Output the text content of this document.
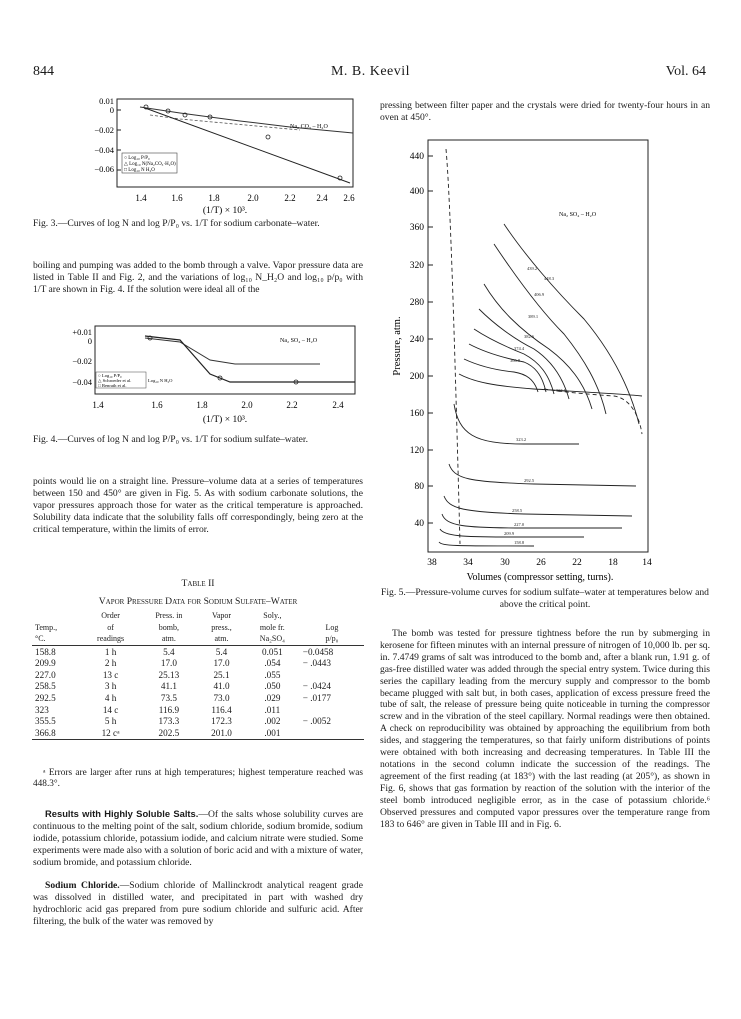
844	M. B. Keevil	Vol. 64
0.01
0
−0.02
−0.04
−0.06
Na₂ CO₃ – H₂O
○ Log₁₀ P/P₀
△ Log₁₀ N(Na₂CO₃·H₂O)
□ Log₁₀ N H₂O
1.4	1.6	1.8	2.0	2.2 2.4 2.6
(1/T) × 10³.
Fig. 3.—Curves of log N and log P/P₀ vs. 1/T for sodium carbonate–water.
boiling and pumping was added to the bomb through a valve. Vapor pressure data are listed in Table II and Fig. 2, and the variations of log₁₀ N_H₂O and log₁₀ p/p₀ with 1/T are shown in Fig. 4. If the solution were ideal all of the
+0.01
0
−0.02
−0.04
Na₂ SO₄ – H₂O
○ Log₁₀ P/P₀
△ Schroeder et al.
□ Benrath et al.
Log₁₀ N H₂O
1.4	1.6	1.8	2.0	2.2	2.4
(1/T) × 10³.
Fig. 4.—Curves of log N and log P/P₀ vs. 1/T for sodium sulfate–water.
points would lie on a straight line. Pressure–volume data at a series of temperatures between 150 and 450° are given in Fig. 5. As with sodium carbonate solutions, the vapor pressures approach those for water as the critical temperature is approached. Solubility data indicate that the solubility falls off correspondingly, being zero at the critical temperature, within the limits of error.
Table II
Vapor Pressure Data for Sodium Sulfate–Water
	Order	Press. in	Vapor	Soly.,	
Temp.,	of	bomb,	press.,	mole fr.	Log
°C.	readings	atm.	atm.	Na₂SO₄	p/p₀
158.8	1 h	5.4	5.4	0.051	−0.0458
209.9	2 h	17.0	17.0	.054	− .0443
227.0	13 c	25.13	25.1	.055	
258.5	3 h	41.1	41.0	.050	− .0424
292.5	4 h	73.5	73.0	.029	− .0177
323	14 c	116.9	116.4	.011	
355.5	5 h	173.3	172.3	.002	− .0052
366.8	12 cᵃ	202.5	201.0	.001	
ᵃ Errors are larger after runs at high temperatures; highest temperature reached was 448.3°.
Results with Highly Soluble Salts.—Of the salts whose solubility curves are continuous to the melting point of the salt, sodium chloride, sodium bromide, sodium iodide, potassium chloride, potassium iodide, and calcium nitrate were studied. Some experiments were made also with a solution of boric acid and with a mixture of water, sodium bromide, and potassium chloride.
Sodium Chloride.—Sodium chloride of Mallinckrodt analytical reagent grade was dissolved in distilled water, and precipitated in part with washed dry hydrochloric acid gas prepared from pure sodium chloride and sulfuric acid. After filtering, the bulk of the water was removed by
pressing between filter paper and the crystals were dried for twenty-four hours in an oven at 450°.
440
400
360
320
280
240
200
160
120
80
40
Pressure, atm.
38	34	30	26	22	18	14
Volumes (compressor setting, turns).
Na₂ SO₄ – H₂O
448.3
439.2
406.9
389.1
382.6
374.4
366.8
355.5
323.2
292.5
258.5
227.0
209.9
158.8
Fig. 5.—Pressure-volume curves for sodium sulfate–water at temperatures below and above the critical point.
The bomb was tested for pressure tightness before the run by submerging in kerosene for fifteen minutes with an internal pressure of nitrogen of 10,000 lb. per sq. in. 7.4749 grams of salt was introduced to the bomb and, after a blank run, 1.91 g. of gas-free distilled water was added through the special entry system. Twice during this series the capillary leading from the mercury supply and compressor to the bomb became plugged with salt but, in both cases, application of excess pressure freed the tube of salt, the release of pressure being quite noticeable in turning the compressor screw and in the vibration of the steel capillary. Normal readings were then obtained. A check on reproducibility was obtained by approaching the equilibrium from both sides, and staggering the temperatures, so that fairly uniform distributions of points were obtained with both increasing and decreasing temperatures. In Table III the notations in the second column indicate the succession of the readings. The agreement of the first reading (at 183°) with the last reading (at 205°), as shown in Fig. 6, shows that gas formation by reaction of the solution with the interior of the steel bomb introduced negligible error, as in the case of potassium chloride.⁶ Observed pressures and computed vapor pressures over the temperature range from 183 to 646° are given in Table III and in Fig. 6.
